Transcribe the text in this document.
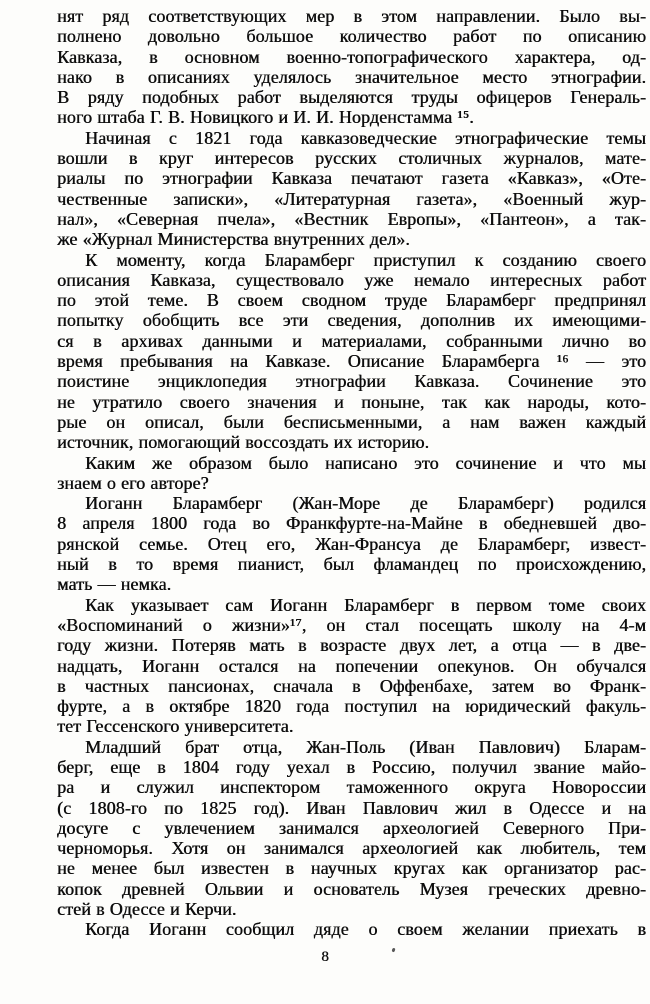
нят ряд соответствующих мер в этом направлении. Было вы-
полнено довольно большое количество работ по описанию
Кавказа, в основном военно-топографического характера, од-
нако в описаниях уделялось значительное место этнографии.
В ряду подобных работ выделяются труды офицеров Генераль-
ного штаба Г. В. Новицкого и И. И. Норденстамма ¹⁵.
Начиная с 1821 года кавказоведческие этнографические темы
вошли в круг интересов русских столичных журналов, мате-
риалы по этнографии Кавказа печатают газета «Кавказ», «Оте-
чественные записки», «Литературная газета», «Военный жур-
нал», «Северная пчела», «Вестник Европы», «Пантеон», а так-
же «Журнал Министерства внутренних дел».
К моменту, когда Бларамберг приступил к созданию своего
описания Кавказа, существовало уже немало интересных работ
по этой теме. В своем сводном труде Бларамберг предпринял
попытку обобщить все эти сведения, дополнив их имеющими-
ся в архивах данными и материалами, собранными лично во
время пребывания на Кавказе. Описание Бларамберга ¹⁶ — это
поистине энциклопедия этнографии Кавказа. Сочинение это
не утратило своего значения и поныне, так как народы, кото-
рые он описал, были бесписьменными, а нам важен каждый
источник, помогающий воссоздать их историю.
Каким же образом было написано это сочинение и что мы
знаем о его авторе?
Иоганн Бларамберг (Жан-Море де Бларамберг) родился
8 апреля 1800 года во Франкфурте-на-Майне в обедневшей дво-
рянской семье. Отец его, Жан-Франсуа де Бларамберг, извест-
ный в то время пианист, был фламандец по происхождению,
мать — немка.
Как указывает сам Иоганн Бларамберг в первом томе своих
«Воспоминаний о жизни»¹⁷, он стал посещать школу на 4-м
году жизни. Потеряв мать в возрасте двух лет, а отца — в две-
надцать, Иоганн остался на попечении опекунов. Он обучался
в частных пансионах, сначала в Оффенбахе, затем во Франк-
фурте, а в октябре 1820 года поступил на юридический факуль-
тет Гессенского университета.
Младший брат отца, Жан-Поль (Иван Павлович) Бларам-
берг, еще в 1804 году уехал в Россию, получил звание майо-
ра и служил инспектором таможенного округа Новороссии
(с 1808-го по 1825 год). Иван Павлович жил в Одессе и на
досуге с увлечением занимался археологией Северного При-
черноморья. Хотя он занимался археологией как любитель, тем
не менее был известен в научных кругах как организатор рас-
копок древней Ольвии и основатель Музея греческих древно-
стей в Одессе и Керчи.
Когда Иоганн сообщил дяде о своем желании приехать в
8
